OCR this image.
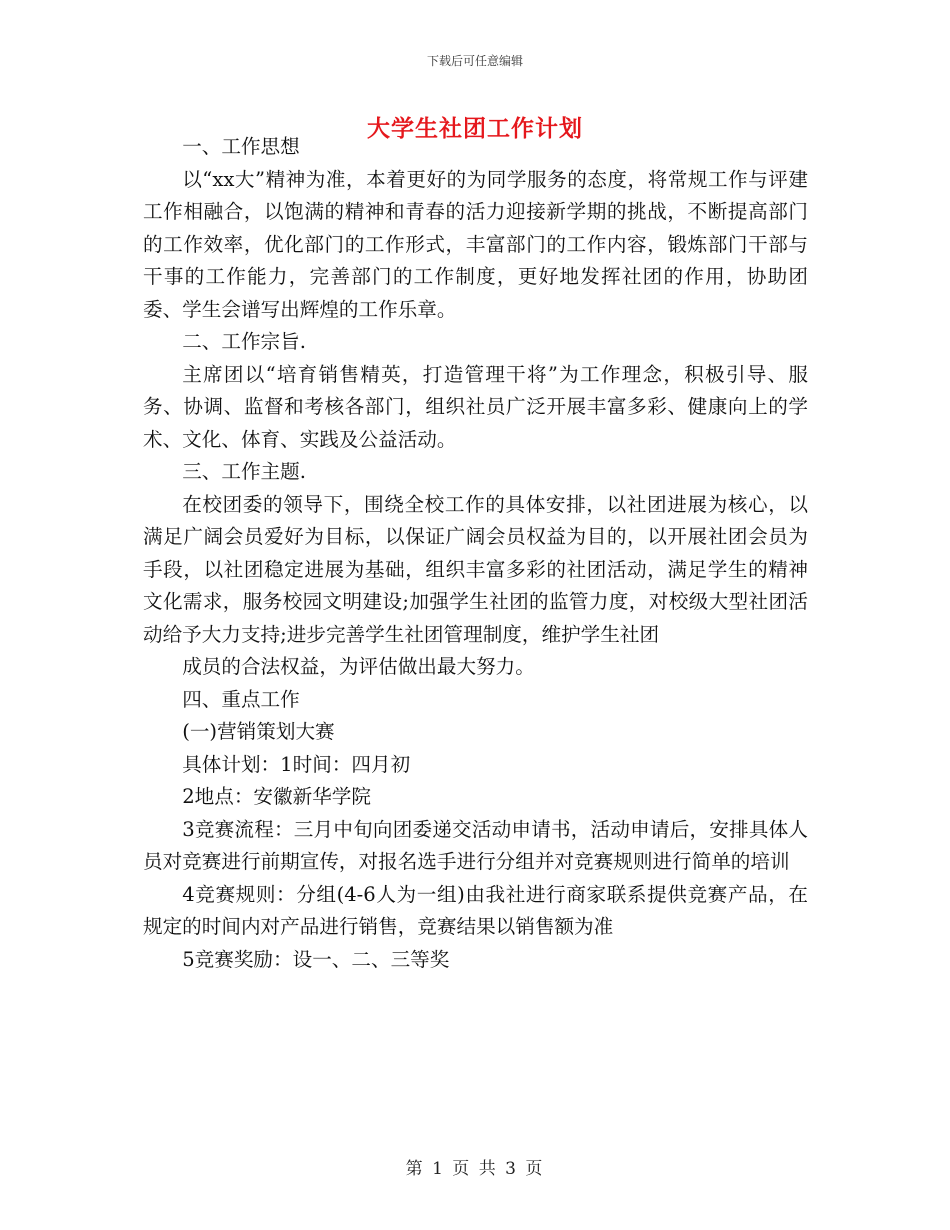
下载后可任意编辑
大学生社团工作计划

一、工作思想

以“xx大”精神为准，本着更好的为同学服务的态度，将常规工作与评建工作相融合，以饱满的精神和青春的活力迎接新学期的挑战，不断提高部门的工作效率，优化部门的工作形式，丰富部门的工作内容，锻炼部门干部与干事的工作能力，完善部门的工作制度，更好地发挥社团的作用，协助团委、学生会谱写出辉煌的工作乐章。

二、工作宗旨.

主席团以“培育销售精英，打造管理干将”为工作理念，积极引导、服务、协调、监督和考核各部门，组织社员广泛开展丰富多彩、健康向上的学术、文化、体育、实践及公益活动。

三、工作主题.

在校团委的领导下，围绕全校工作的具体安排，以社团进展为核心，以满足广阔会员爱好为目标，以保证广阔会员权益为目的，以开展社团会员为手段，以社团稳定进展为基础，组织丰富多彩的社团活动，满足学生的精神文化需求，服务校园文明建设;加强学生社团的监管力度，对校级大型社团活动给予大力支持;进步完善学生社团管理制度，维护学生社团

成员的合法权益，为评估做出最大努力。

四、重点工作

(一)营销策划大赛

具体计划：1时间：四月初

2地点：安徽新华学院

3竞赛流程：三月中旬向团委递交活动申请书，活动申请后，安排具体人员对竞赛进行前期宣传，对报名选手进行分组并对竞赛规则进行简单的培训

4竞赛规则：分组(4-6人为一组)由我社进行商家联系提供竞赛产品，在规定的时间内对产品进行销售，竞赛结果以销售额为准

5竞赛奖励：设一、二、三等奖

第 1 页 共 3 页
